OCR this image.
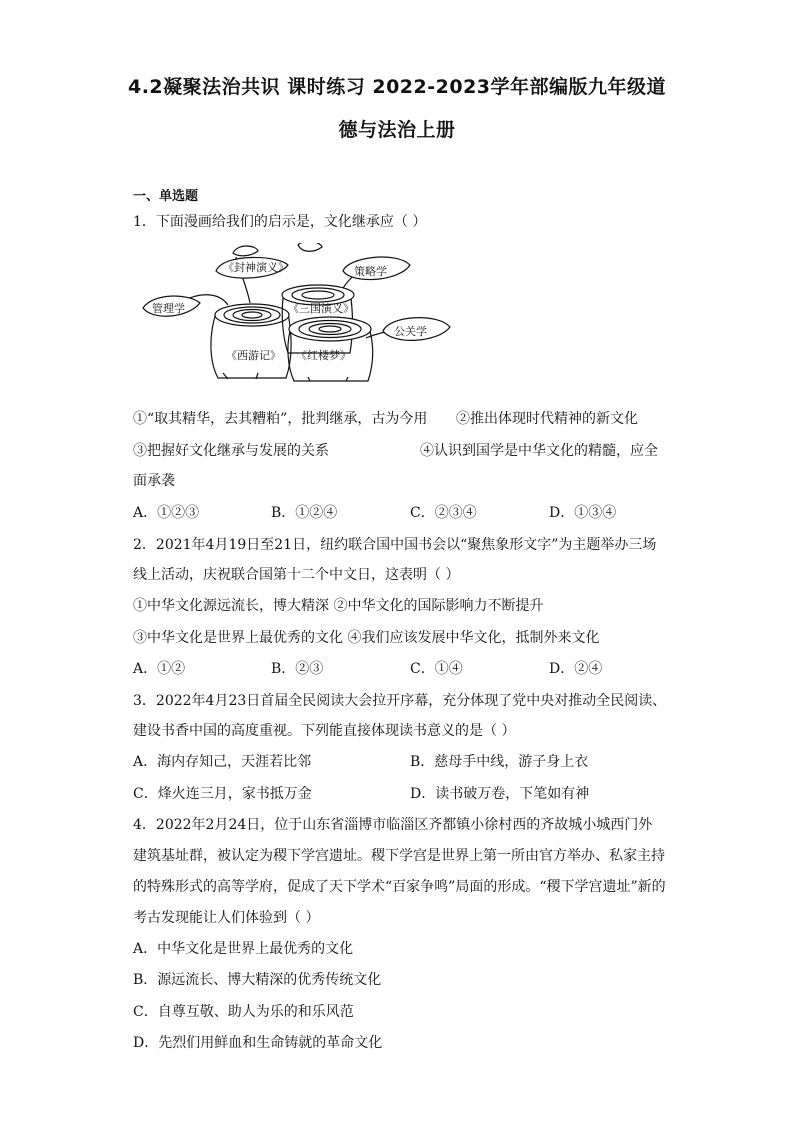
4.2凝聚法治共识 课时练习 2022-2023学年部编版九年级道
德与法治上册
一、单选题
1．下面漫画给我们的启示是，文化继承应（ ）
《封神演义》	策略学
管理学	《三国演义》
公关学
《西游记》 《红楼梦》
①“取其精华，去其糟粕”，批判继承，古为今用 ②推出体现时代精神的新文化
③把握好文化继承与发展的关系	④认识到国学是中华文化的精髓，应全
面承袭
A．①②③	B．①②④	C．②③④	D．①③④
2．2021年4月19日至21日，纽约联合国中国书会以“聚焦象形文字”为主题举办三场
线上活动，庆祝联合国第十二个中文日，这表明（ ）
①中华文化源远流长，博大精深 ②中华文化的国际影响力不断提升
③中华文化是世界上最优秀的文化 ④我们应该发展中华文化，抵制外来文化
A．①②	B．②③	C．①④	D．②④
3．2022年4月23日首届全民阅读大会拉开序幕，充分体现了党中央对推动全民阅读、
建设书香中国的高度重视。下列能直接体现读书意义的是（ ）
A．海内存知己，天涯若比邻	B．慈母手中线，游子身上衣
C．烽火连三月，家书抵万金	D．读书破万卷，下笔如有神
4．2022年2月24日，位于山东省淄博市临淄区齐都镇小徐村西的齐故城小城西门外
建筑基址群，被认定为稷下学宫遗址。稷下学宫是世界上第一所由官方举办、私家主持
的特殊形式的高等学府，促成了天下学术“百家争鸣”局面的形成。“稷下学宫遗址”新的
考古发现能让人们体验到（ ）
A．中华文化是世界上最优秀的文化
B．源远流长、博大精深的优秀传统文化
C．自尊互敬、助人为乐的和乐风范
D．先烈们用鲜血和生命铸就的革命文化
